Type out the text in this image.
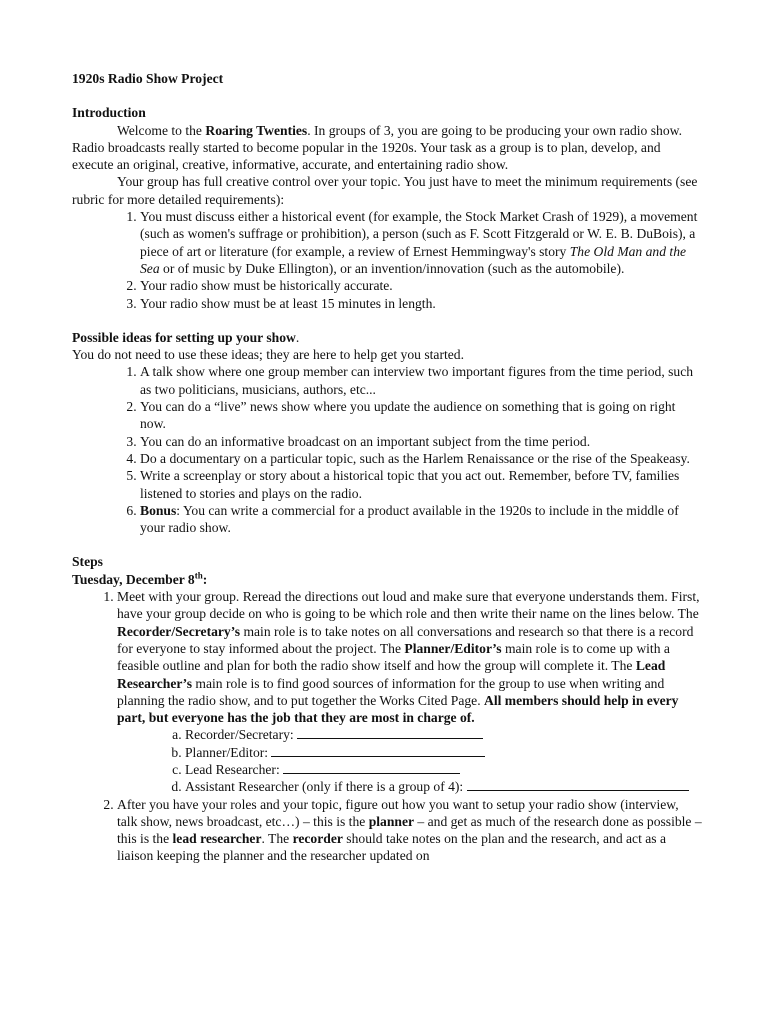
1920s Radio Show Project

Introduction

Welcome to the Roaring Twenties. In groups of 3, you are going to be producing your own radio show. Radio broadcasts really started to become popular in the 1920s. Your task as a group is to plan, develop, and execute an original, creative, informative, accurate, and entertaining radio show.

Your group has full creative control over your topic. You just have to meet the minimum requirements (see rubric for more detailed requirements):

1. You must discuss either a historical event (for example, the Stock Market Crash of 1929), a movement (such as women's suffrage or prohibition), a person (such as F. Scott Fitzgerald or W. E. B. DuBois), a piece of art or literature (for example, a review of Ernest Hemmingway's story The Old Man and the Sea or of music by Duke Ellington), or an invention/innovation (such as the automobile).
2. Your radio show must be historically accurate.
3. Your radio show must be at least 15 minutes in length.

Possible ideas for setting up your show.

You do not need to use these ideas; they are here to help get you started.

1. A talk show where one group member can interview two important figures from the time period, such as two politicians, musicians, authors, etc...
2. You can do a “live” news show where you update the audience on something that is going on right now.
3. You can do an informative broadcast on an important subject from the time period.
4. Do a documentary on a particular topic, such as the Harlem Renaissance or the rise of the Speakeasy.
5. Write a screenplay or story about a historical topic that you act out. Remember, before TV, families listened to stories and plays on the radio.
6. Bonus: You can write a commercial for a product available in the 1920s to include in the middle of your radio show.

Steps

Tuesday, December 8th:

1. Meet with your group. Reread the directions out loud and make sure that everyone understands them. First, have your group decide on who is going to be which role and then write their name on the lines below. The Recorder/Secretary’s main role is to take notes on all conversations and research so that there is a record for everyone to stay informed about the project. The Planner/Editor’s main role is to come up with a feasible outline and plan for both the radio show itself and how the group will complete it. The Lead Researcher’s main role is to find good sources of information for the group to use when writing and planning the radio show, and to put together the Works Cited Page. All members should help in every part, but everyone has the job that they are most in charge of.
a. Recorder/Secretary:
b. Planner/Editor:
c. Lead Researcher:
d. Assistant Researcher (only if there is a group of 4):
2. After you have your roles and your topic, figure out how you want to setup your radio show (interview, talk show, news broadcast, etc…) – this is the planner – and get as much of the research done as possible – this is the lead researcher. The recorder should take notes on the plan and the research, and act as a liaison keeping the planner and the researcher updated on
